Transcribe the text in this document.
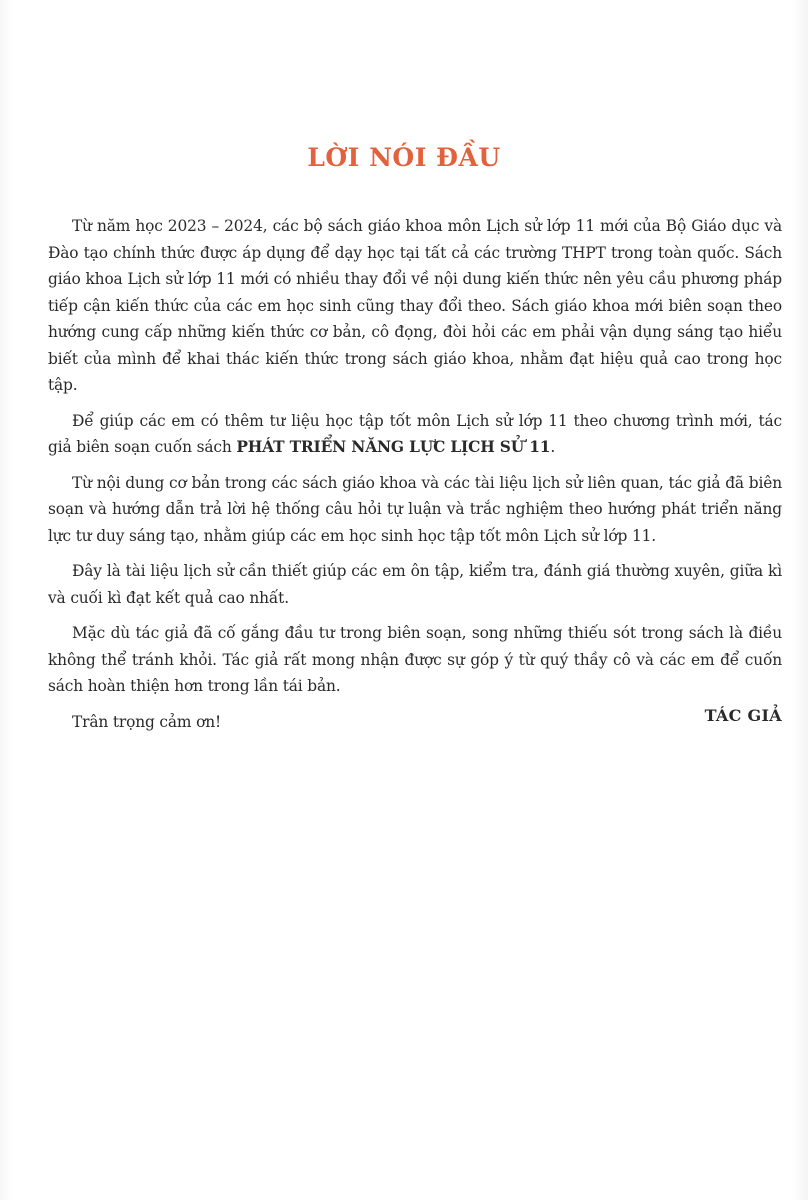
LỜI NÓI ĐẦU

Từ năm học 2023 – 2024, các bộ sách giáo khoa môn Lịch sử lớp 11 mới của Bộ Giáo dục và Đào tạo chính thức được áp dụng để dạy học tại tất cả các trường THPT trong toàn quốc. Sách giáo khoa Lịch sử lớp 11 mới có nhiều thay đổi về nội dung kiến thức nên yêu cầu phương pháp tiếp cận kiến thức của các em học sinh cũng thay đổi theo. Sách giáo khoa mới biên soạn theo hướng cung cấp những kiến thức cơ bản, cô đọng, đòi hỏi các em phải vận dụng sáng tạo hiểu biết của mình để khai thác kiến thức trong sách giáo khoa, nhằm đạt hiệu quả cao trong học tập.

Để giúp các em có thêm tư liệu học tập tốt môn Lịch sử lớp 11 theo chương trình mới, tác giả biên soạn cuốn sách PHÁT TRIỂN NĂNG LỰC LỊCH SỬ 11.

Từ nội dung cơ bản trong các sách giáo khoa và các tài liệu lịch sử liên quan, tác giả đã biên soạn và hướng dẫn trả lời hệ thống câu hỏi tự luận và trắc nghiệm theo hướng phát triển năng lực tư duy sáng tạo, nhằm giúp các em học sinh học tập tốt môn Lịch sử lớp 11.

Đây là tài liệu lịch sử cần thiết giúp các em ôn tập, kiểm tra, đánh giá thường xuyên, giữa kì và cuối kì đạt kết quả cao nhất.

Mặc dù tác giả đã cố gắng đầu tư trong biên soạn, song những thiếu sót trong sách là điều không thể tránh khỏi. Tác giả rất mong nhận được sự góp ý từ quý thầy cô và các em để cuốn sách hoàn thiện hơn trong lần tái bản.

Trân trọng cảm ơn!	TÁC GIẢ
